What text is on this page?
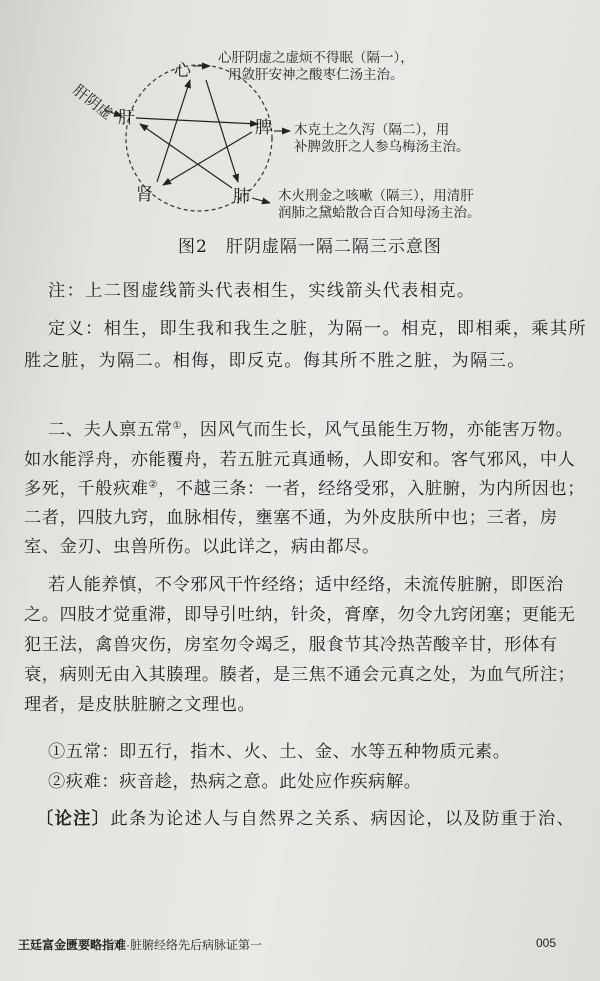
肝阴虚
心
肝	脾
肾	肺
心肝阴虚之虚烦不得眠（隔一），
用敛肝安神之酸枣仁汤主治。
木克土之久泻（隔二），用
补脾敛肝之人参乌梅汤主治。
木火刑金之咳嗽（隔三），用清肝
润肺之黛蛤散合百合知母汤主治。
图2　肝阴虚隔一隔二隔三示意图
注：上二图虚线箭头代表相生，实线箭头代表相克。
定义：相生，即生我和我生之脏，为隔一。相克，即相乘，乘其所
胜之脏，为隔二。相侮，即反克。侮其所不胜之脏，为隔三。
二、夫人禀五常①，因风气而生长，风气虽能生万物，亦能害万物。
如水能浮舟，亦能覆舟，若五脏元真通畅，人即安和。客气邪风，中人
多死，千般疢难②，不越三条：一者，经络受邪，入脏腑，为内所因也；
二者，四肢九窍，血脉相传，壅塞不通，为外皮肤所中也；三者，房
室、金刃、虫兽所伤。以此详之，病由都尽。
若人能养慎，不令邪风干忤经络；适中经络，未流传脏腑，即医治
之。四肢才觉重滞，即导引吐纳，针灸，膏摩，勿令九窍闭塞；更能无
犯王法，禽兽灾伤，房室勿令竭乏，服食节其冷热苦酸辛甘，形体有
衰，病则无由入其腠理。腠者，是三焦不通会元真之处，为血气所注；
理者，是皮肤脏腑之文理也。
①五常：即五行，指木、火、土、金、水等五种物质元素。
②疢难：疢音趁，热病之意。此处应作疾病解。
〔论注〕此条为论述人与自然界之关系、病因论，以及防重于治、
王廷富金匮要略指难·脏腑经络先后病脉证第一	005
